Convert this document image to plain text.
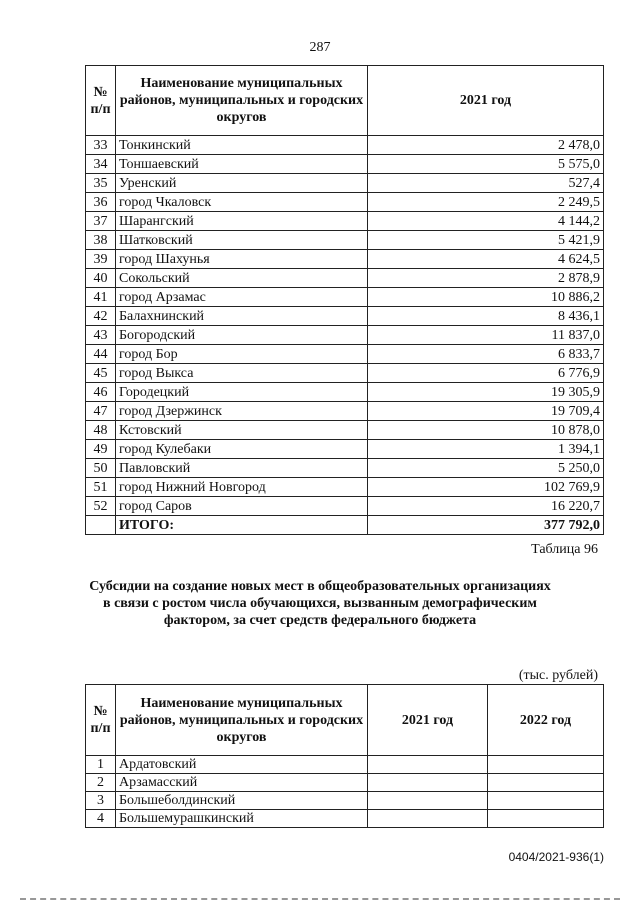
287
№ п/п	Наименование муниципальных районов, муниципальных и городских округов	2021 год
33	Тонкинский	2 478,0
34	Тоншаевский	5 575,0
35	Уренский	527,4
36	город Чкаловск	2 249,5
37	Шарангский	4 144,2
38	Шатковский	5 421,9
39	город Шахунья	4 624,5
40	Сокольский	2 878,9
41	город Арзамас	10 886,2
42	Балахнинский	8 436,1
43	Богородский	11 837,0
44	город Бор	6 833,7
45	город Выкса	6 776,9
46	Городецкий	19 305,9
47	город Дзержинск	19 709,4
48	Кстовский	10 878,0
49	город Кулебаки	1 394,1
50	Павловский	5 250,0
51	город Нижний Новгород	102 769,9
52	город Саров	16 220,7
	ИТОГО:	377 792,0
Таблица 96
Субсидии на создание новых мест в общеобразовательных организациях в связи с ростом числа обучающихся, вызванным демографическим фактором, за счет средств федерального бюджета
(тыс. рублей)
№ п/п	Наименование муниципальных районов, муниципальных и городских округов	2021 год	2022 год
1	Ардатовский		
2	Арзамасский		
3	Большеболдинский		
4	Большемурашкинский		
0404/2021-936(1)
